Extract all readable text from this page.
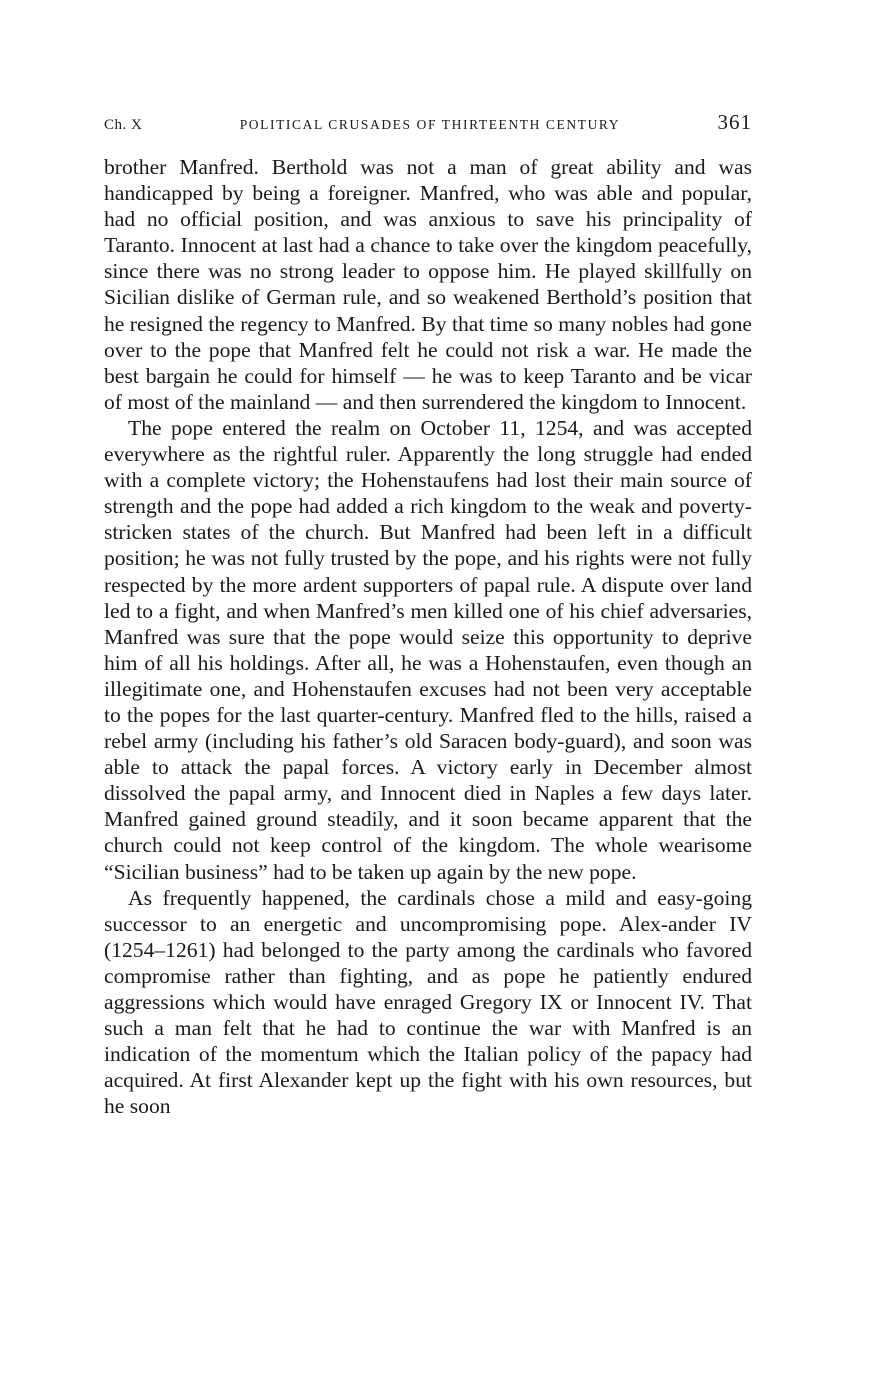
Ch. X	POLITICAL CRUSADES OF THIRTEENTH CENTURY	361

brother Manfred. Berthold was not a man of great ability and was handicapped by being a foreigner. Manfred, who was able and popular, had no official position, and was anxious to save his principality of Taranto. Innocent at last had a chance to take over the kingdom peacefully, since there was no strong leader to oppose him. He played skillfully on Sicilian dislike of German rule, and so weakened Berthold’s position that he resigned the regency to Manfred. By that time so many nobles had gone over to the pope that Manfred felt he could not risk a war. He made the best bargain he could for himself — he was to keep Taranto and be vicar of most of the mainland — and then surrendered the kingdom to Innocent.

The pope entered the realm on October 11, 1254, and was accepted everywhere as the rightful ruler. Apparently the long struggle had ended with a complete victory; the Hohenstaufens had lost their main source of strength and the pope had added a rich kingdom to the weak and poverty-stricken states of the church. But Manfred had been left in a difficult position; he was not fully trusted by the pope, and his rights were not fully respected by the more ardent supporters of papal rule. A dispute over land led to a fight, and when Manfred’s men killed one of his chief adversaries, Manfred was sure that the pope would seize this opportunity to deprive him of all his holdings. After all, he was a Hohenstaufen, even though an illegitimate one, and Hohenstaufen excuses had not been very acceptable to the popes for the last quarter-century. Manfred fled to the hills, raised a rebel army (including his father’s old Saracen body-guard), and soon was able to attack the papal forces. A victory early in December almost dissolved the papal army, and Innocent died in Naples a few days later. Manfred gained ground steadily, and it soon became apparent that the church could not keep control of the kingdom. The whole wearisome “Sicilian business” had to be taken up again by the new pope.

As frequently happened, the cardinals chose a mild and easy-going successor to an energetic and uncompromising pope. Alex-ander IV (1254–1261) had belonged to the party among the cardinals who favored compromise rather than fighting, and as pope he patiently endured aggressions which would have enraged Gregory IX or Innocent IV. That such a man felt that he had to continue the war with Manfred is an indication of the momentum which the Italian policy of the papacy had acquired. At first Alexander kept up the fight with his own resources, but he soon
